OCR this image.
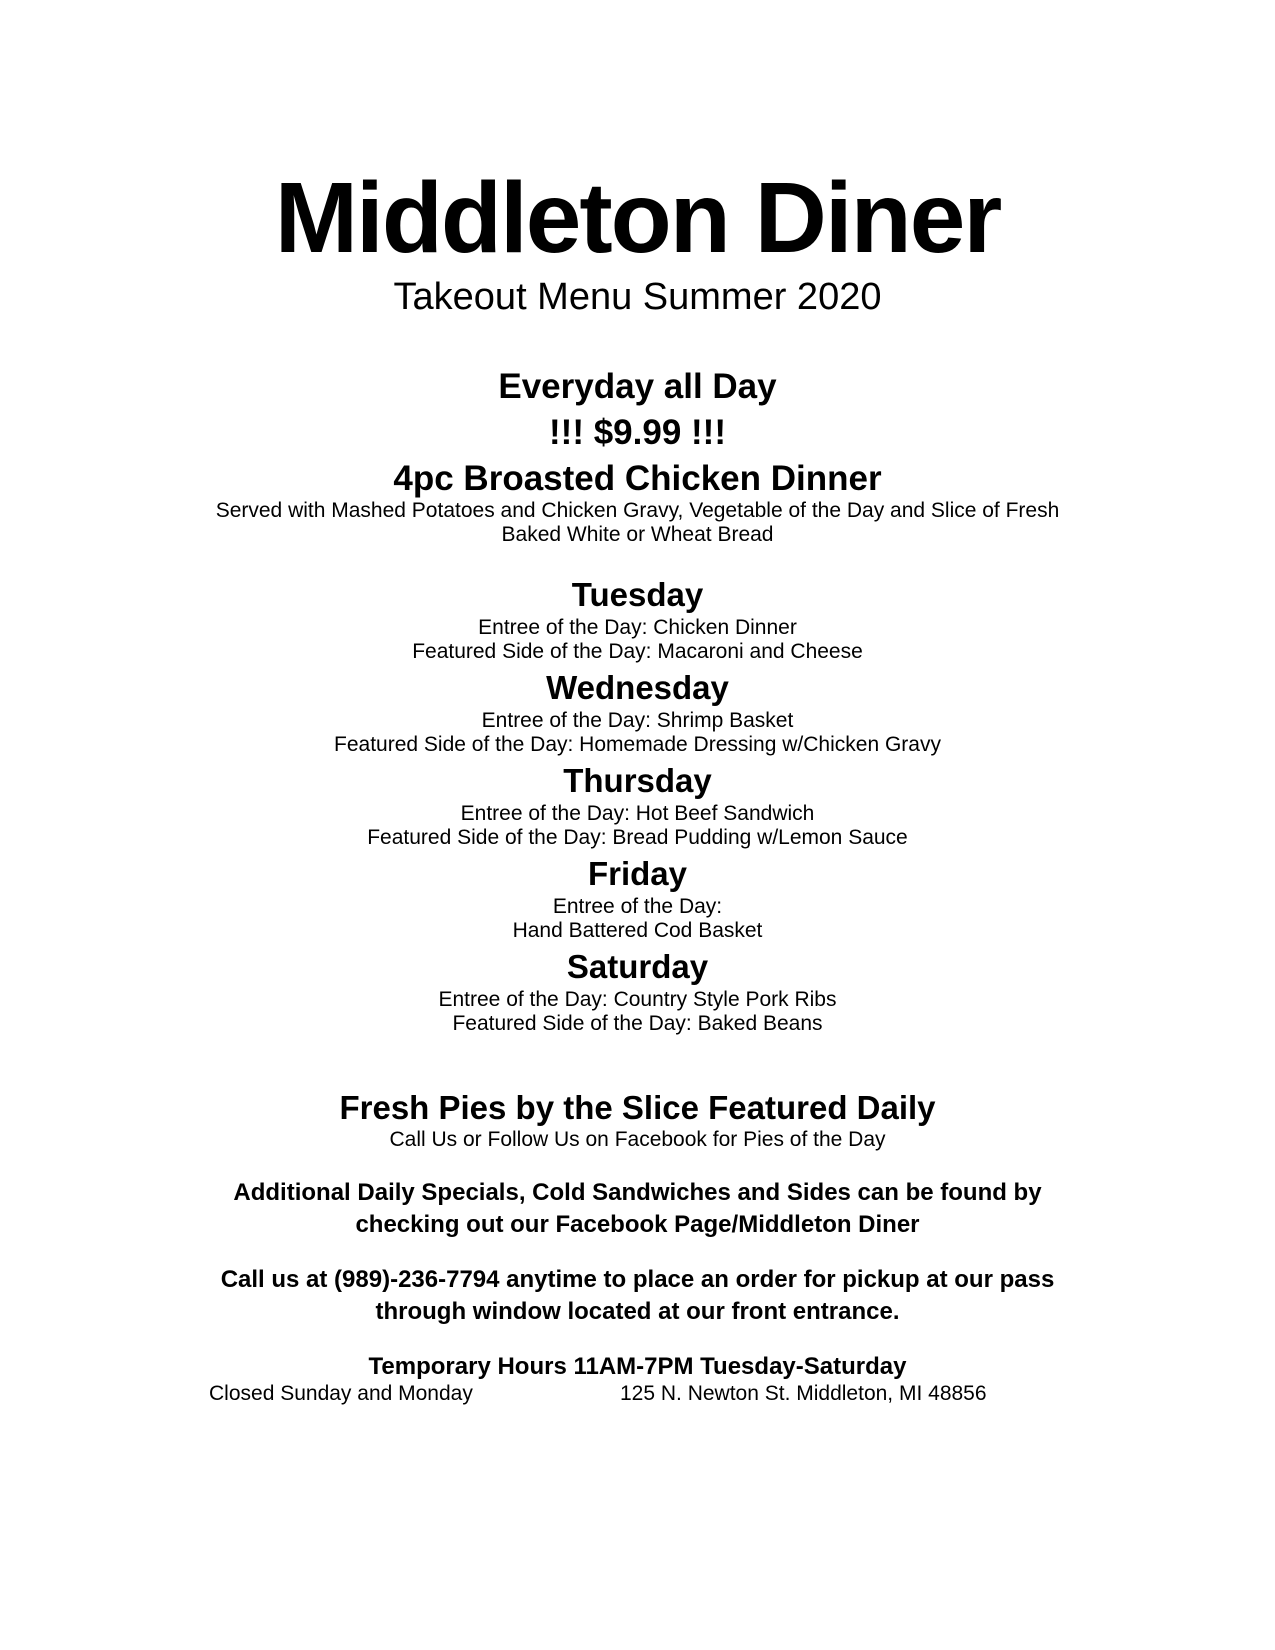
Middleton Diner
Takeout Menu Summer 2020
Everyday all Day
!!! $9.99 !!!
4pc Broasted Chicken Dinner
Served with Mashed Potatoes and Chicken Gravy, Vegetable of the Day and Slice of Fresh
Baked White or Wheat Bread
Tuesday
Entree of the Day: Chicken Dinner
Featured Side of the Day: Macaroni and Cheese
Wednesday
Entree of the Day: Shrimp Basket
Featured Side of the Day: Homemade Dressing w/Chicken Gravy
Thursday
Entree of the Day: Hot Beef Sandwich
Featured Side of the Day: Bread Pudding w/Lemon Sauce
Friday
Entree of the Day:
Hand Battered Cod Basket
Saturday
Entree of the Day: Country Style Pork Ribs
Featured Side of the Day: Baked Beans
Fresh Pies by the Slice Featured Daily
Call Us or Follow Us on Facebook for Pies of the Day
Additional Daily Specials, Cold Sandwiches and Sides can be found by
checking out our Facebook Page/Middleton Diner
Call us at (989)-236-7794 anytime to place an order for pickup at our pass
through window located at our front entrance.
Temporary Hours 11AM-7PM Tuesday-Saturday
Closed Sunday and Monday	125 N. Newton St. Middleton, MI 48856
